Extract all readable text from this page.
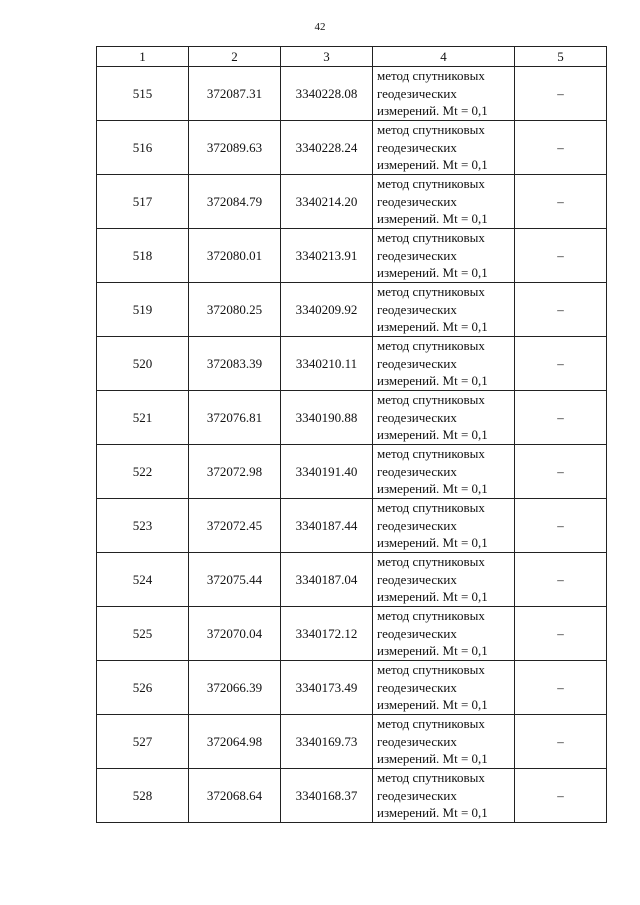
42
1	2	3	4	5
515	372087.31	3340228.08	метод спутниковых
геодезических
измерений. Mt = 0,1	–
516	372089.63	3340228.24	метод спутниковых
геодезических
измерений. Mt = 0,1	–
517	372084.79	3340214.20	метод спутниковых
геодезических
измерений. Mt = 0,1	–
518	372080.01	3340213.91	метод спутниковых
геодезических
измерений. Mt = 0,1	–
519	372080.25	3340209.92	метод спутниковых
геодезических
измерений. Mt = 0,1	–
520	372083.39	3340210.11	метод спутниковых
геодезических
измерений. Mt = 0,1	–
521	372076.81	3340190.88	метод спутниковых
геодезических
измерений. Mt = 0,1	–
522	372072.98	3340191.40	метод спутниковых
геодезических
измерений. Mt = 0,1	–
523	372072.45	3340187.44	метод спутниковых
геодезических
измерений. Mt = 0,1	–
524	372075.44	3340187.04	метод спутниковых
геодезических
измерений. Mt = 0,1	–
525	372070.04	3340172.12	метод спутниковых
геодезических
измерений. Mt = 0,1	–
526	372066.39	3340173.49	метод спутниковых
геодезических
измерений. Mt = 0,1	–
527	372064.98	3340169.73	метод спутниковых
геодезических
измерений. Mt = 0,1	–
528	372068.64	3340168.37	метод спутниковых
геодезических
измерений. Mt = 0,1	–
